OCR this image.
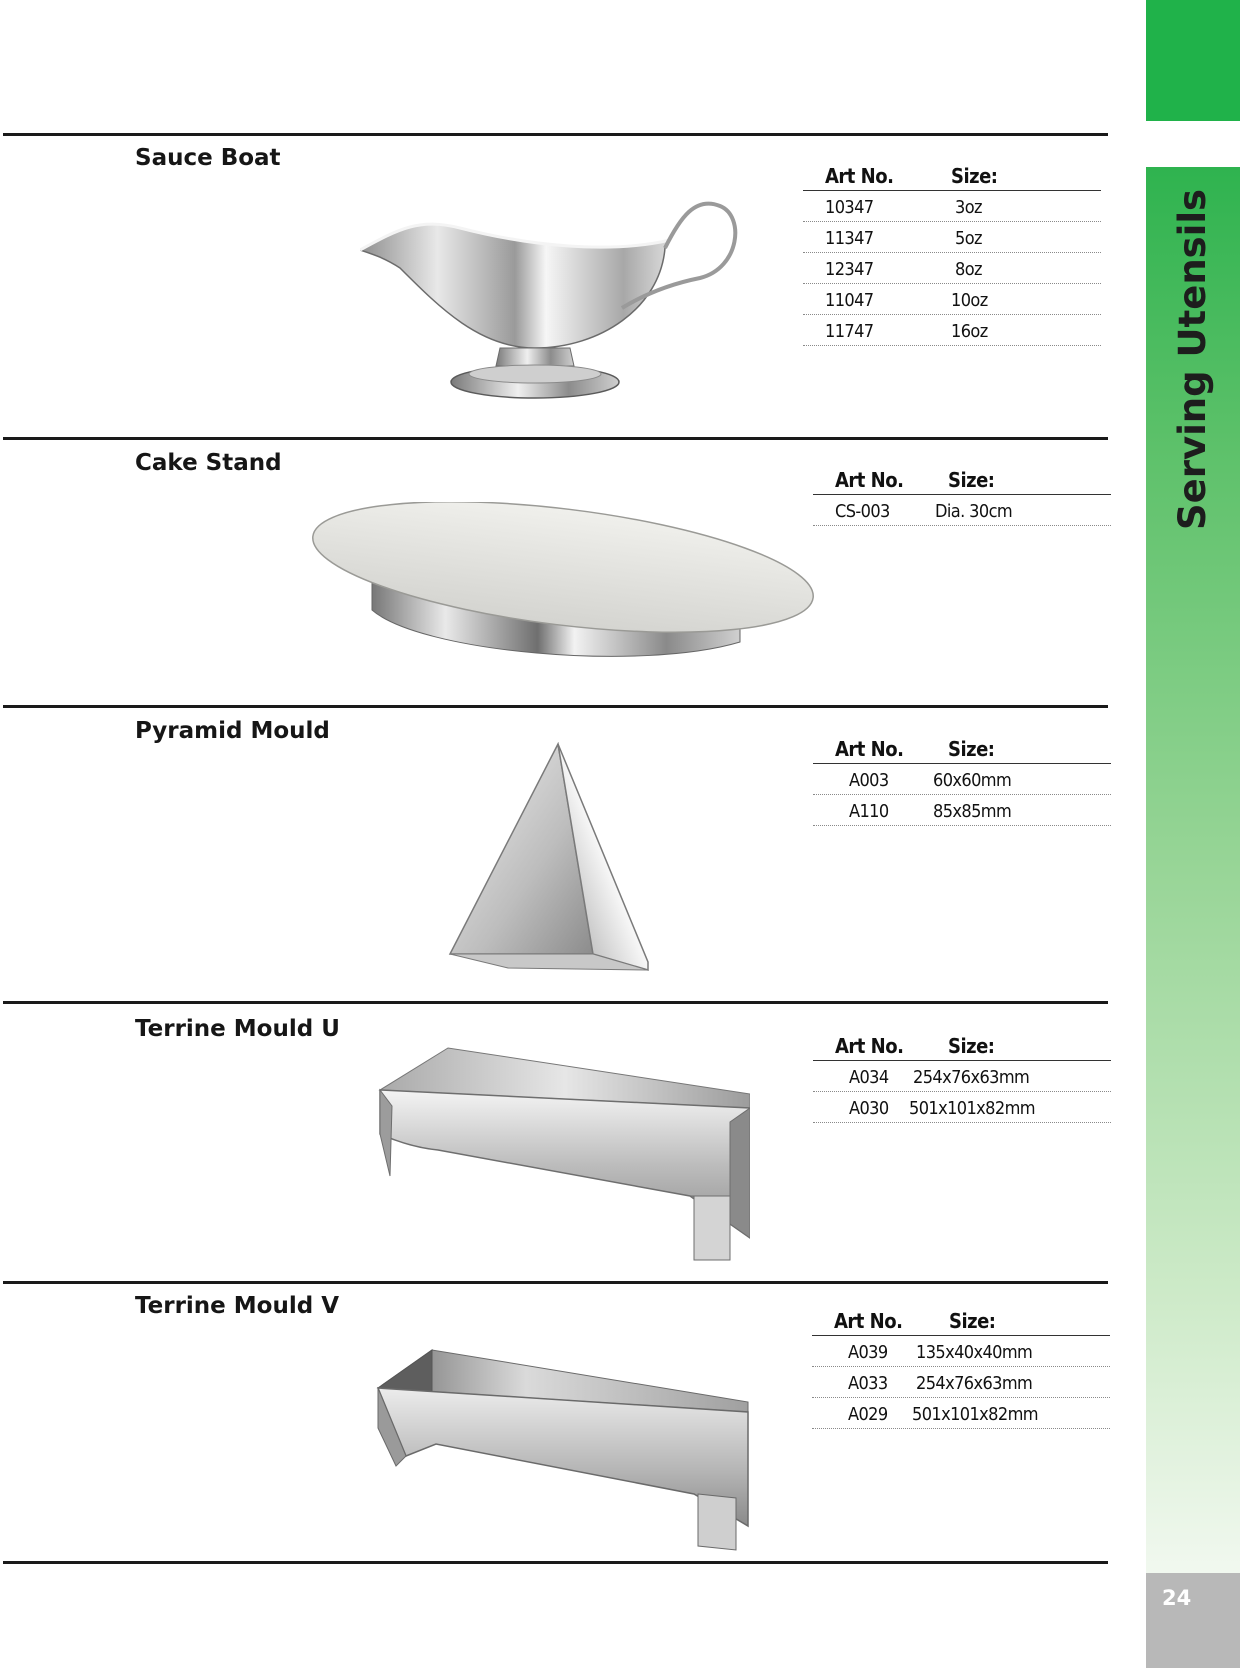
Serving Utensils
24
Sauce Boat
Art No.	Size:
10347	3oz
11347	5oz
12347	8oz
11047	10oz
11747	16oz
Cake Stand
Art No. Size:
CS-003	Dia. 30cm
Pyramid Mould
Art No. Size:
A003 60x60mm
A110 85x85mm
Terrine Mould U
Art No. Size:
A034 254x76x63mm
A030 501x101x82mm
Terrine Mould V
Art No. Size:
A039 135x40x40mm
A033 254x76x63mm
A029 501x101x82mm
